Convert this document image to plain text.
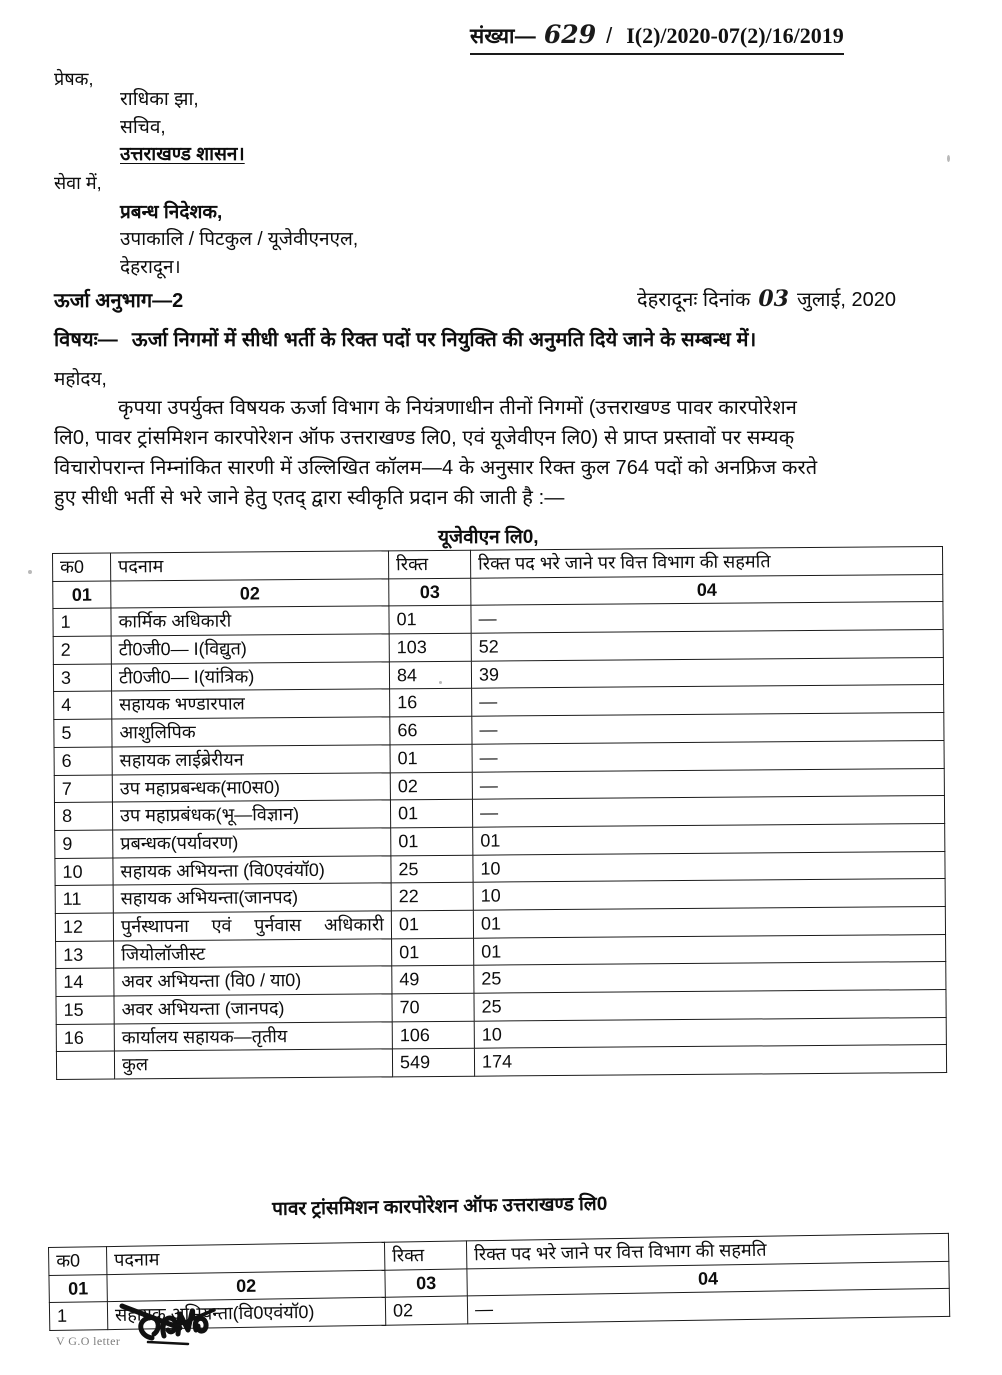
संख्या— 629 / I(2)/2020-07(2)/16/2019
प्रेषक,
राधिका झा,
सचिव,
उत्तराखण्ड शासन।
सेवा में,
प्रबन्ध निदेशक,
उपाकालि / पिटकुल / यूजेवीएनएल,
देहरादून।
ऊर्जा अनुभाग—2	देहरादूनः दिनांक 03 जुलाई, 2020
विषयः— ऊर्जा निगमों में सीधी भर्ती के रिक्त पदों पर नियुक्ति की अनुमति दिये जाने के सम्बन्ध में।
महोदय,
कृपया उपर्युक्त विषयक ऊर्जा विभाग के नियंत्रणाधीन तीनों निगमों (उत्तराखण्ड पावर कारपोरेशन
लि0, पावर ट्रांसमिशन कारपोरेशन ऑफ उत्तराखण्ड लि0, एवं यूजेवीएन लि0) से प्राप्त प्रस्तावों पर सम्यक्
विचारोपरान्त निम्नांकित सारणी में उल्लिखित कॉलम—4 के अनुसार रिक्त कुल 764 पदों को अनफ्रिज करते
हुए सीधी भर्ती से भरे जाने हेतु एतद् द्वारा स्वीकृति प्रदान की जाती है :—
यूजेवीएन लि0,
क0	पदनाम	रिक्त	रिक्त पद भरे जाने पर वित्त विभाग की सहमति
01	02	03	04
1	कार्मिक अधिकारी	01	—
2	टी0जी0— I(विद्युत)	103	52
3	टी0जी0— I(यांत्रिक)	84	39
4	सहायक भण्डारपाल	16	—
5	आशुलिपिक	66	—
6	सहायक लाईब्रेरीयन	01	—
7	उप महाप्रबन्धक(मा0स0)	02	—
8	उप महाप्रबंधक(भू—विज्ञान)	01	—
9	प्रबन्धक(पर्यावरण)	01	01
10	सहायक अभियन्ता (वि0एवंयॉ0)	25	10
11	सहायक अभियन्ता(जानपद)	22	10
12	पुर्नस्थापना एवं पुर्नवास अधिकारी	01	01
13	जियोलॉजीस्ट	01	01
14	अवर अभियन्ता (वि0 / या0)	49	25
15	अवर अभियन्ता (जानपद)	70	25
16	कार्यालय सहायक—तृतीय	106	10
	कुल	549	174
पावर ट्रांसमिशन कारपोरेशन ऑफ उत्तराखण्ड लि0
क0	पदनाम	रिक्त	रिक्त पद भरे जाने पर वित्त विभाग की सहमति
01	02	03	04
1	सहायक अभियन्ता(वि0एवंयॉ0)	02	—
V G.O letter
